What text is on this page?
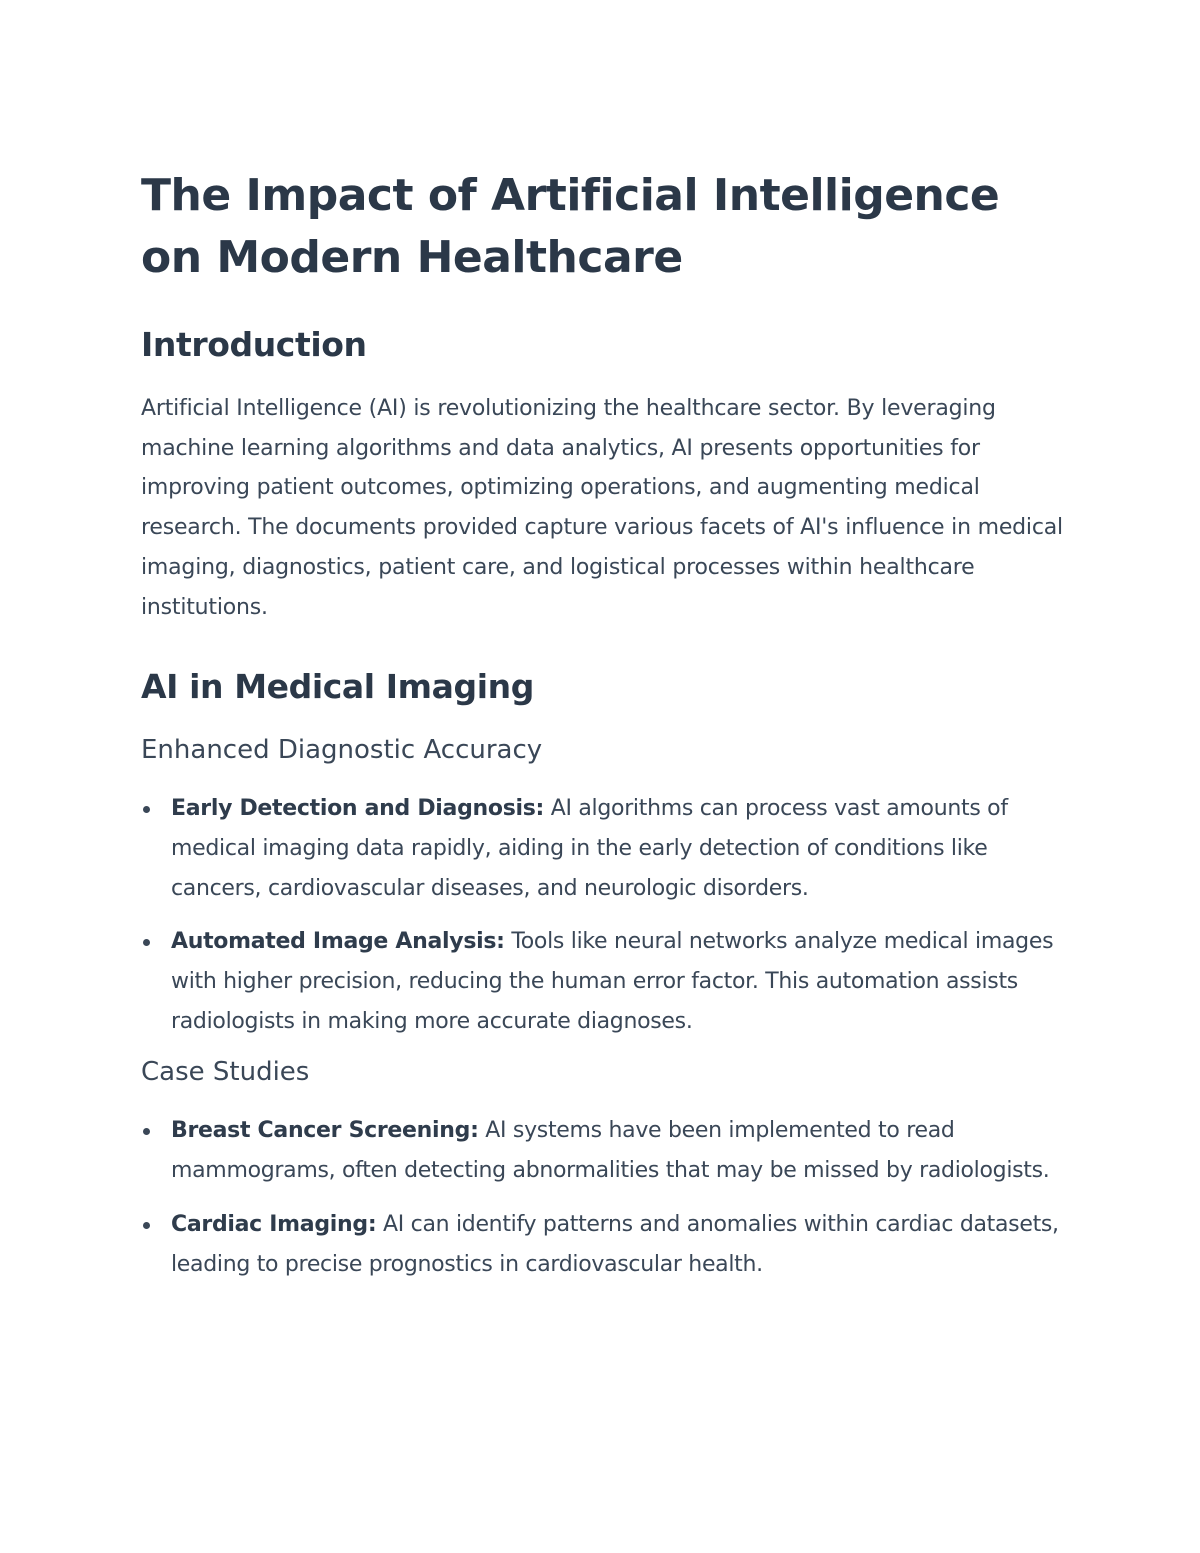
The Impact of Artificial Intelligence on Modern Healthcare
Introduction

Artificial Intelligence (AI) is revolutionizing the healthcare sector. By leveraging machine learning algorithms and data analytics, AI presents opportunities for improving patient outcomes, optimizing operations, and augmenting medical research. The documents provided capture various facets of AI's influence in medical imaging, diagnostics, patient care, and logistical processes within healthcare institutions.

AI in Medical Imaging
Enhanced Diagnostic Accuracy
Early Detection and Diagnosis: AI algorithms can process vast amounts of medical imaging data rapidly, aiding in the early detection of conditions like cancers, cardiovascular diseases, and neurologic disorders.
Automated Image Analysis: Tools like neural networks analyze medical images with higher precision, reducing the human error factor. This automation assists radiologists in making more accurate diagnoses.
Case Studies
Breast Cancer Screening: AI systems have been implemented to read mammograms, often detecting abnormalities that may be missed by radiologists.
Cardiac Imaging: AI can identify patterns and anomalies within cardiac datasets, leading to precise prognostics in cardiovascular health.
